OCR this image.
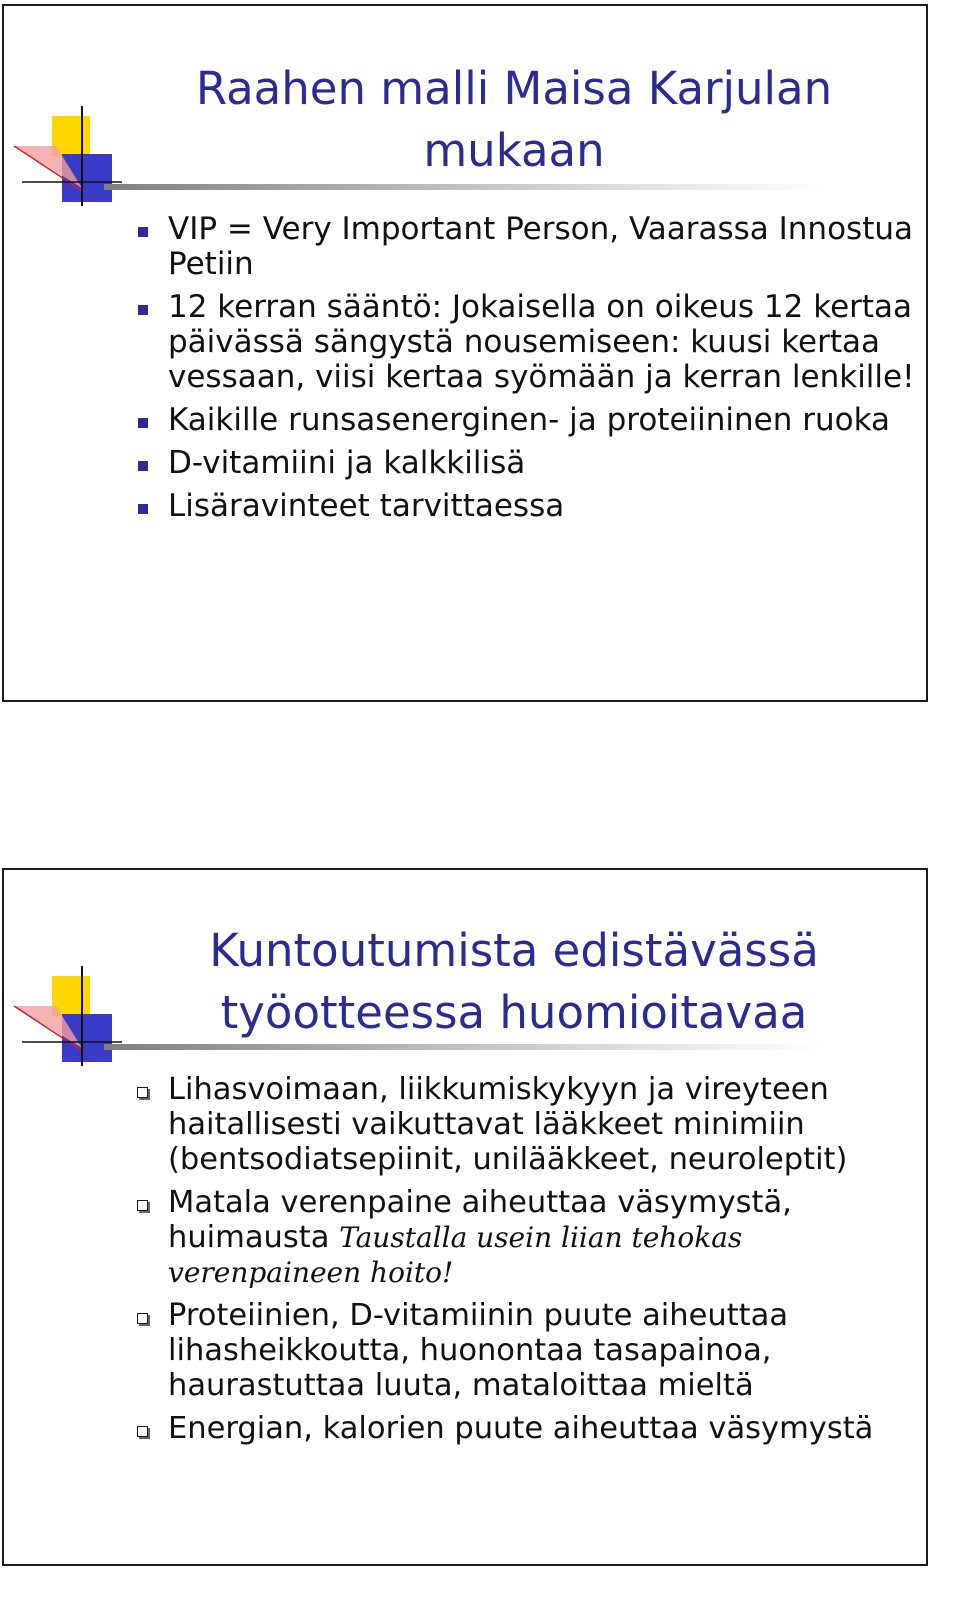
Raahen malli Maisa Karjulan
mukaan
VIP = Very Important Person, Vaarassa Innostua Petiin
12 kerran sääntö: Jokaisella on oikeus 12 kertaa päivässä sängystä nousemiseen: kuusi kertaa vessaan, viisi kertaa syömään ja kerran lenkille!
Kaikille runsasenerginen- ja proteiininen ruoka
D-vitamiini ja kalkkilisä
Lisäravinteet tarvittaessa
Kuntoutumista edistävässä
työotteessa huomioitavaa
Lihasvoimaan, liikkumiskykyyn ja vireyteen haitallisesti vaikuttavat lääkkeet minimiin (bentsodiatsepiinit, unilääkkeet, neuroleptit)
Matala verenpaine aiheuttaa väsymystä, huimausta Taustalla usein liian tehokas verenpaineen hoito!
Proteiinien, D-vitamiinin puute aiheuttaa lihasheikkoutta, huonontaa tasapainoa, haurastuttaa luuta, mataloittaa mieltä
Energian, kalorien puute aiheuttaa väsymystä
